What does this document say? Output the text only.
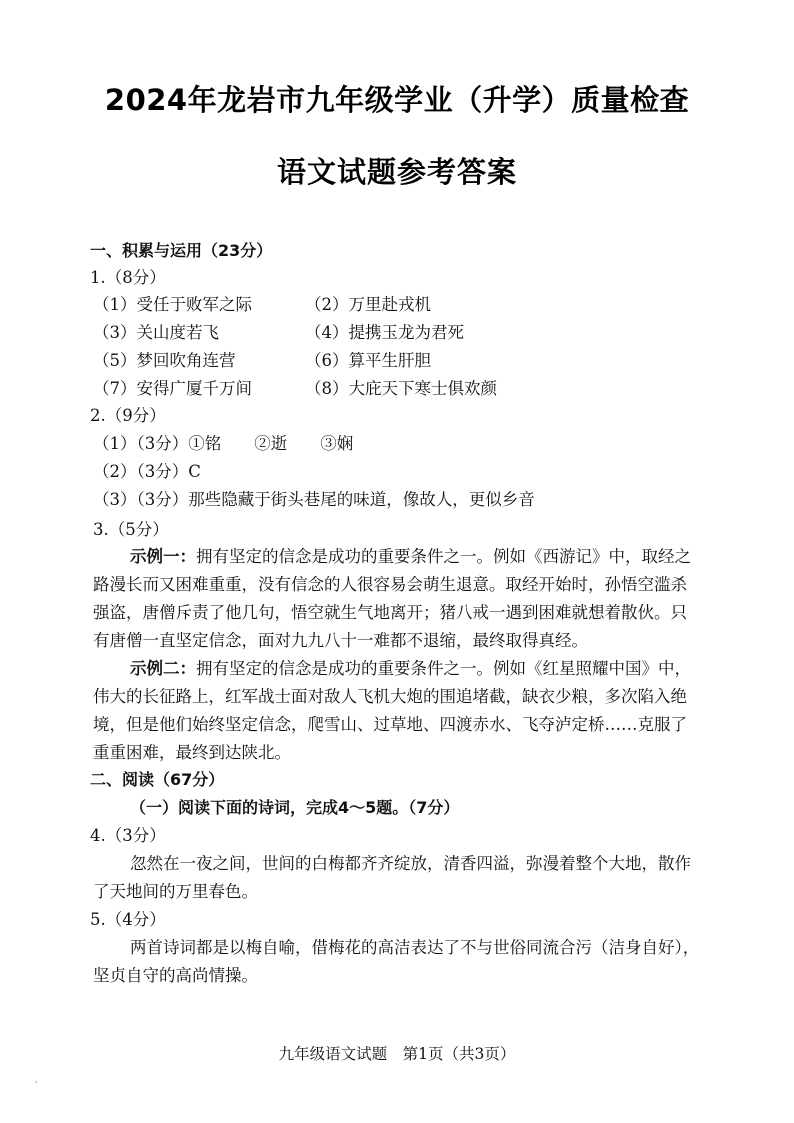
2024年龙岩市九年级学业（升学）质量检查
语文试题参考答案
一、积累与运用（23分）
1.（8分）
（1）受任于败军之际	（2）万里赴戎机
（3）关山度若飞	（4）提携玉龙为君死
（5）梦回吹角连营	（6）算平生肝胆
（7）安得广厦千万间	（8）大庇天下寒士俱欢颜
2.（9分）
（1）（3分）①铭　　②逝　　③娴
（2）（3分）C
（3）（3分）那些隐藏于街头巷尾的味道，像故人，更似乡音
3.（5分）
示例一：拥有坚定的信念是成功的重要条件之一。例如《西游记》中，取经之
路漫长而又困难重重，没有信念的人很容易会萌生退意。取经开始时，孙悟空滥杀
强盗，唐僧斥责了他几句，悟空就生气地离开；猪八戒一遇到困难就想着散伙。只
有唐僧一直坚定信念，面对九九八十一难都不退缩，最终取得真经。
示例二：拥有坚定的信念是成功的重要条件之一。例如《红星照耀中国》中，
伟大的长征路上，红军战士面对敌人飞机大炮的围追堵截，缺衣少粮，多次陷入绝
境，但是他们始终坚定信念，爬雪山、过草地、四渡赤水、飞夺泸定桥……克服了
重重困难，最终到达陕北。
二、阅读（67分）
（一）阅读下面的诗词，完成4～5题。（7分）
4.（3分）
忽然在一夜之间，世间的白梅都齐齐绽放，清香四溢，弥漫着整个大地，散作
了天地间的万里春色。
5.（4分）
两首诗词都是以梅自喻，借梅花的高洁表达了不与世俗同流合污（洁身自好），
坚贞自守的高尚情操。
九年级语文试题　第1页（共3页）
·
